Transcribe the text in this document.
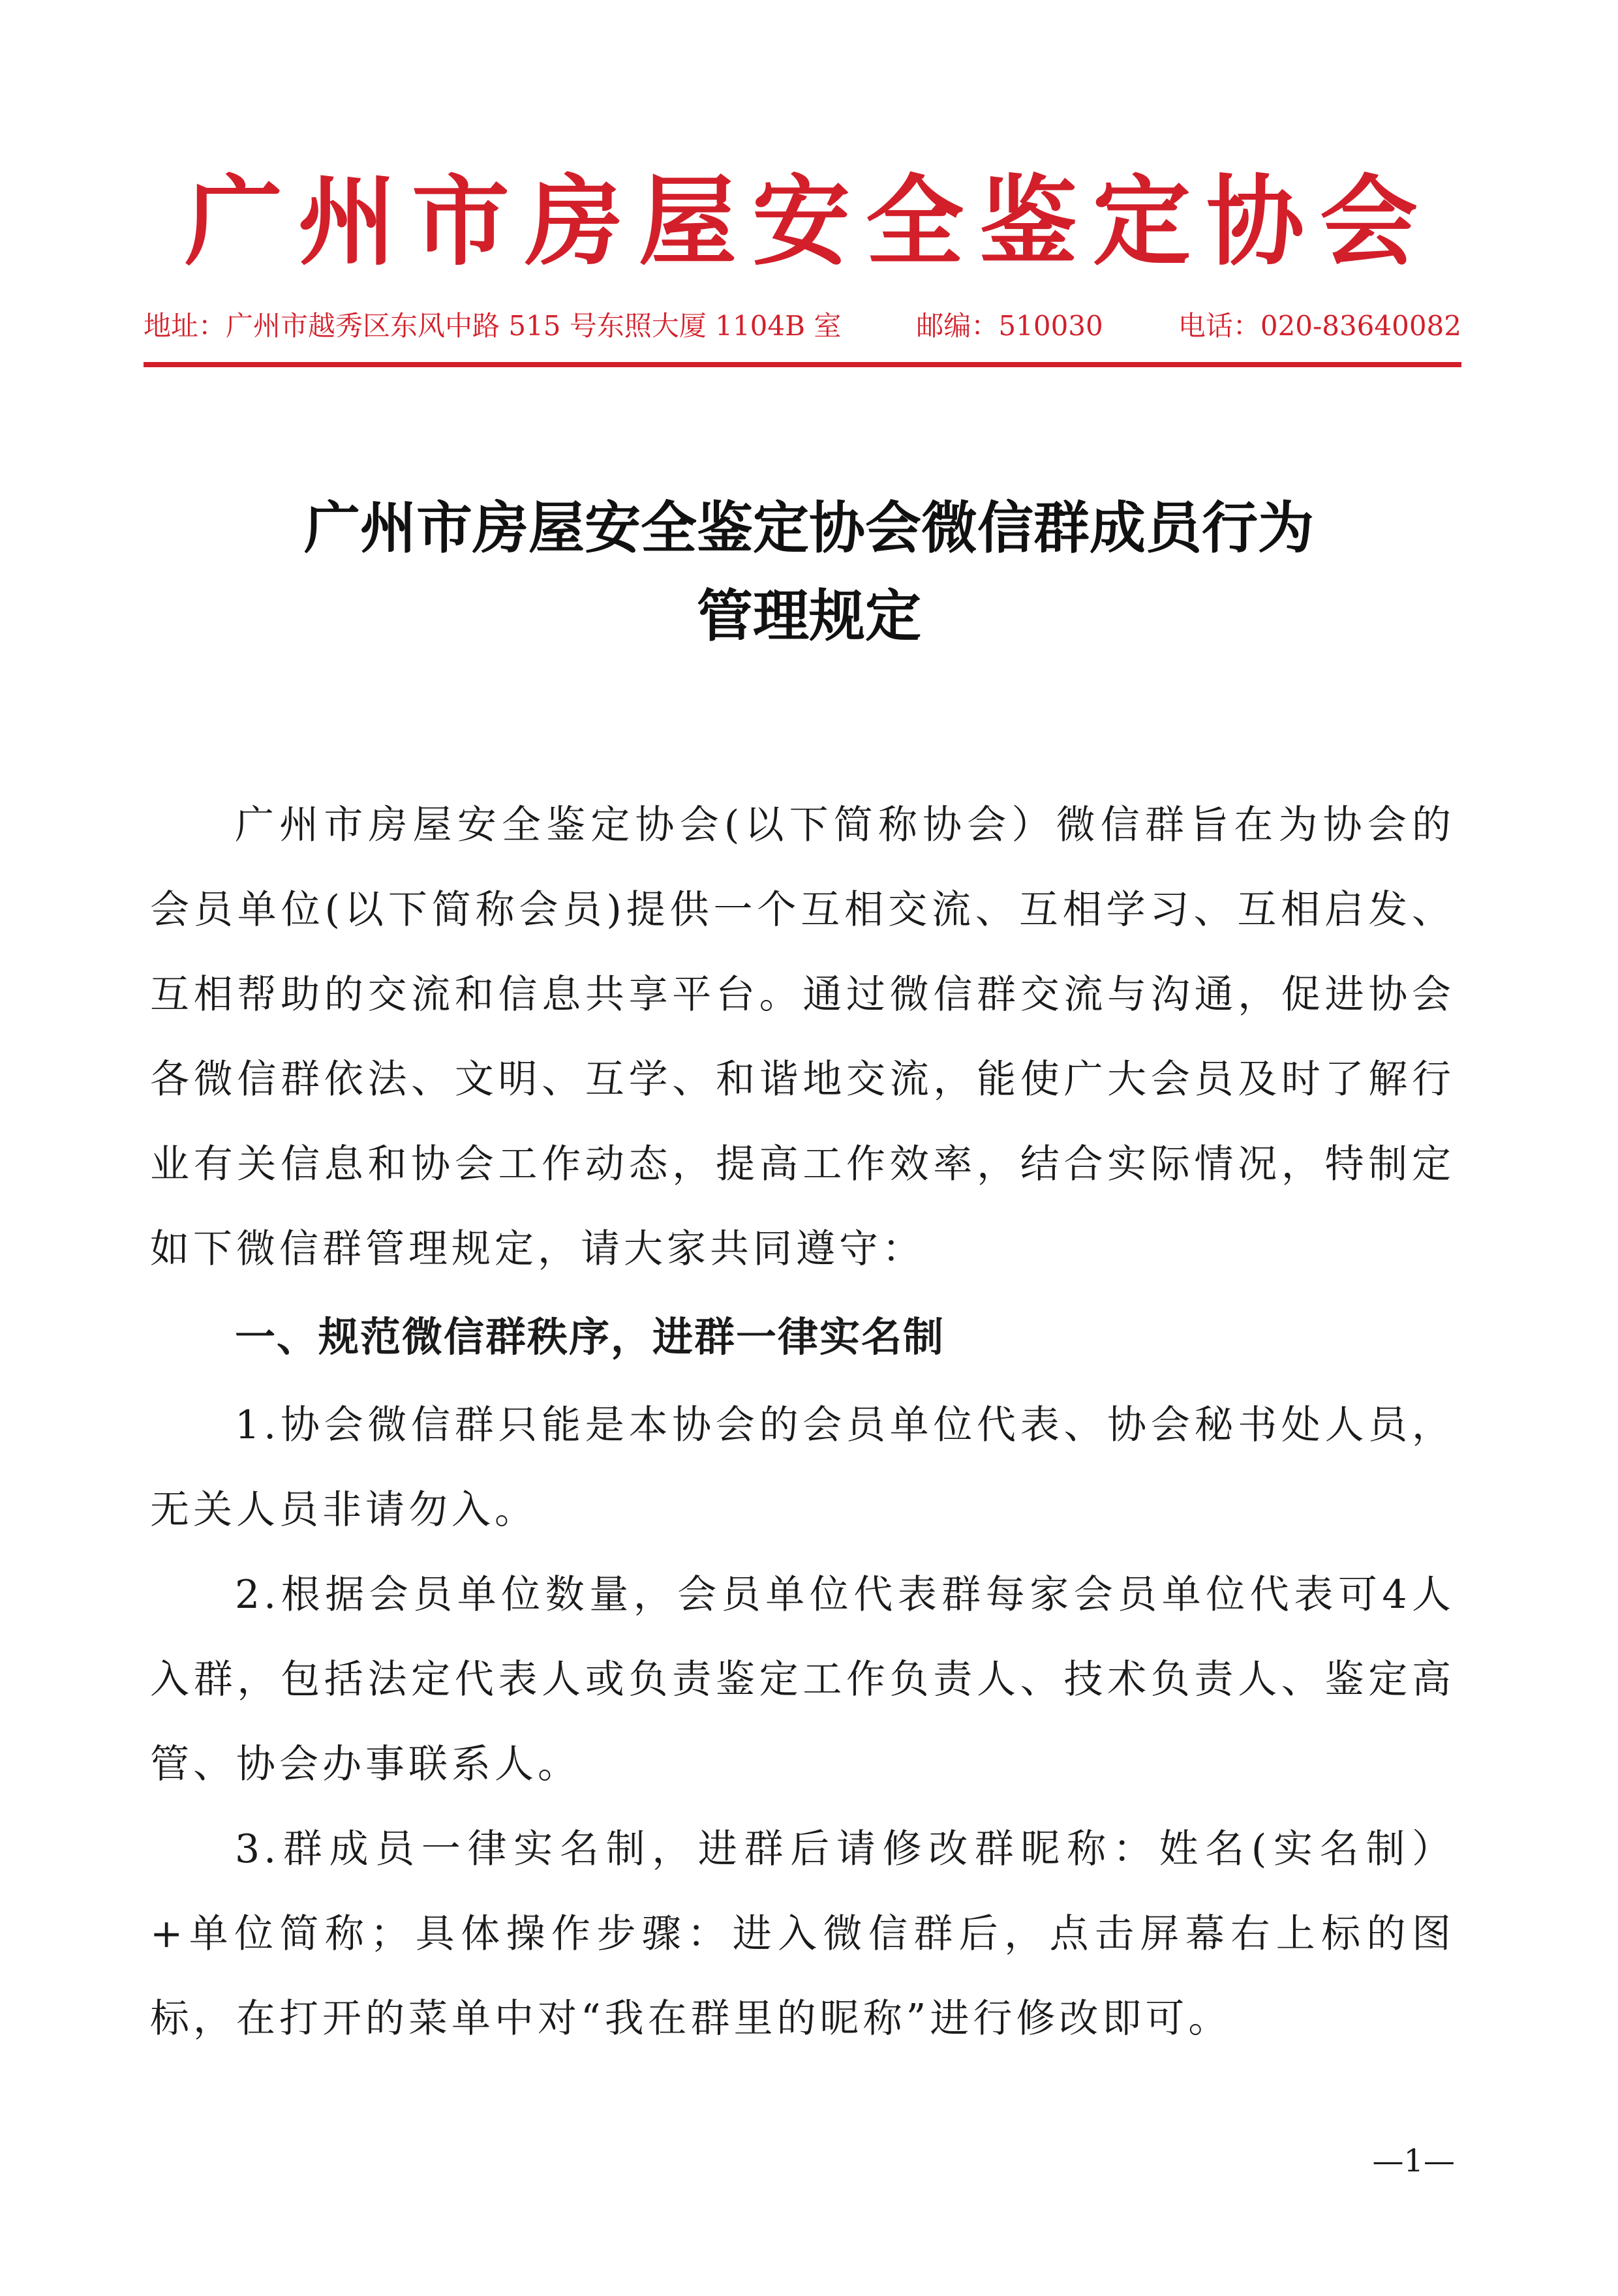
广州市房屋安全鉴定协会
地址：广州市越秀区东风中路 515 号东照大厦 1104B 室	邮编：510030	电话：020-83640082
广州市房屋安全鉴定协会微信群成员行为
管理规定

广州市房屋安全鉴定协会(以下简称协会）微信群旨在为协会的会员单位(以下简称会员)提供一个互相交流、互相学习、互相启发、互相帮助的交流和信息共享平台。通过微信群交流与沟通，促进协会各微信群依法、文明、互学、和谐地交流，能使广大会员及时了解行业有关信息和协会工作动态，提高工作效率，结合实际情况，特制定如下微信群管理规定，请大家共同遵守：

一、规范微信群秩序，进群一律实名制

1.协会微信群只能是本协会的会员单位代表、协会秘书处人员，无关人员非请勿入。

2.根据会员单位数量，会员单位代表群每家会员单位代表可4人入群，包括法定代表人或负责鉴定工作负责人、技术负责人、鉴定高管、协会办事联系人。

3.群成员一律实名制，进群后请修改群昵称：姓名(实名制）+单位简称；具体操作步骤：进入微信群后，点击屏幕右上标的图标，在打开的菜单中对“我在群里的昵称”进行修改即可。

—1—
